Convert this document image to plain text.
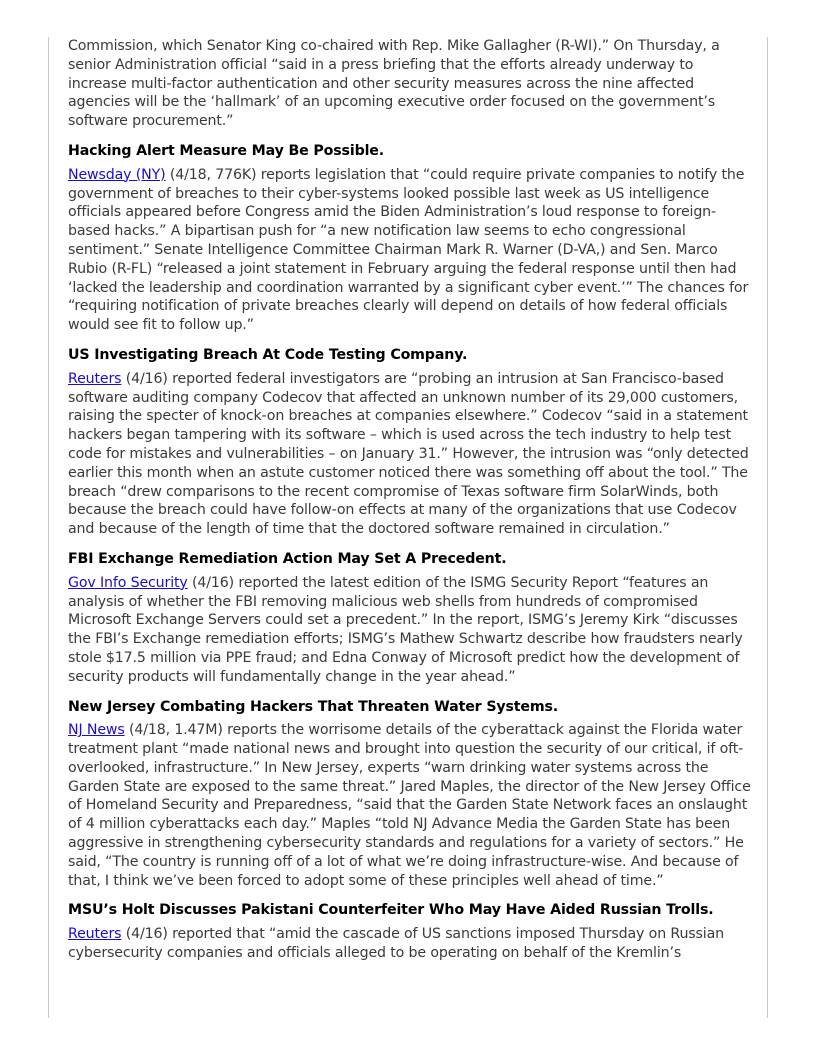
Commission, which Senator King co-chaired with Rep. Mike Gallagher (R-WI).” On Thursday, a senior Administration official “said in a press briefing that the efforts already underway to increase multi-factor authentication and other security measures across the nine affected agencies will be the ‘hallmark’ of an upcoming executive order focused on the government’s software procurement.”

Hacking Alert Measure May Be Possible.

Newsday (NY) (4/18, 776K) reports legislation that “could require private companies to notify the government of breaches to their cyber-systems looked possible last week as US intelligence officials appeared before Congress amid the Biden Administration’s loud response to foreign-based hacks.” A bipartisan push for “a new notification law seems to echo congressional sentiment.” Senate Intelligence Committee Chairman Mark R. Warner (D-VA,) and Sen. Marco Rubio (R-FL) “released a joint statement in February arguing the federal response until then had ‘lacked the leadership and coordination warranted by a significant cyber event.’” The chances for “requiring notification of private breaches clearly will depend on details of how federal officials would see fit to follow up.”

US Investigating Breach At Code Testing Company.

Reuters (4/16) reported federal investigators are “probing an intrusion at San Francisco-based software auditing company Codecov that affected an unknown number of its 29,000 customers, raising the specter of knock-on breaches at companies elsewhere.” Codecov “said in a statement hackers began tampering with its software – which is used across the tech industry to help test code for mistakes and vulnerabilities – on January 31.” However, the intrusion was “only detected earlier this month when an astute customer noticed there was something off about the tool.” The breach “drew comparisons to the recent compromise of Texas software firm SolarWinds, both because the breach could have follow-on effects at many of the organizations that use Codecov and because of the length of time that the doctored software remained in circulation.”

FBI Exchange Remediation Action May Set A Precedent.

Gov Info Security (4/16) reported the latest edition of the ISMG Security Report “features an analysis of whether the FBI removing malicious web shells from hundreds of compromised Microsoft Exchange Servers could set a precedent.” In the report, ISMG’s Jeremy Kirk “discusses the FBI’s Exchange remediation efforts; ISMG’s Mathew Schwartz describe how fraudsters nearly stole $17.5 million via PPE fraud; and Edna Conway of Microsoft predict how the development of security products will fundamentally change in the year ahead.”

New Jersey Combating Hackers That Threaten Water Systems.

NJ News (4/18, 1.47M) reports the worrisome details of the cyberattack against the Florida water treatment plant “made national news and brought into question the security of our critical, if oft-overlooked, infrastructure.” In New Jersey, experts “warn drinking water systems across the Garden State are exposed to the same threat.” Jared Maples, the director of the New Jersey Office of Homeland Security and Preparedness, “said that the Garden State Network faces an onslaught of 4 million cyberattacks each day.” Maples “told NJ Advance Media the Garden State has been aggressive in strengthening cybersecurity standards and regulations for a variety of sectors.” He said, “The country is running off of a lot of what we’re doing infrastructure-wise. And because of that, I think we’ve been forced to adopt some of these principles well ahead of time.”

MSU’s Holt Discusses Pakistani Counterfeiter Who May Have Aided Russian Trolls.

Reuters (4/16) reported that “amid the cascade of US sanctions imposed Thursday on Russian cybersecurity companies and officials alleged to be operating on behalf of the Kremlin’s
